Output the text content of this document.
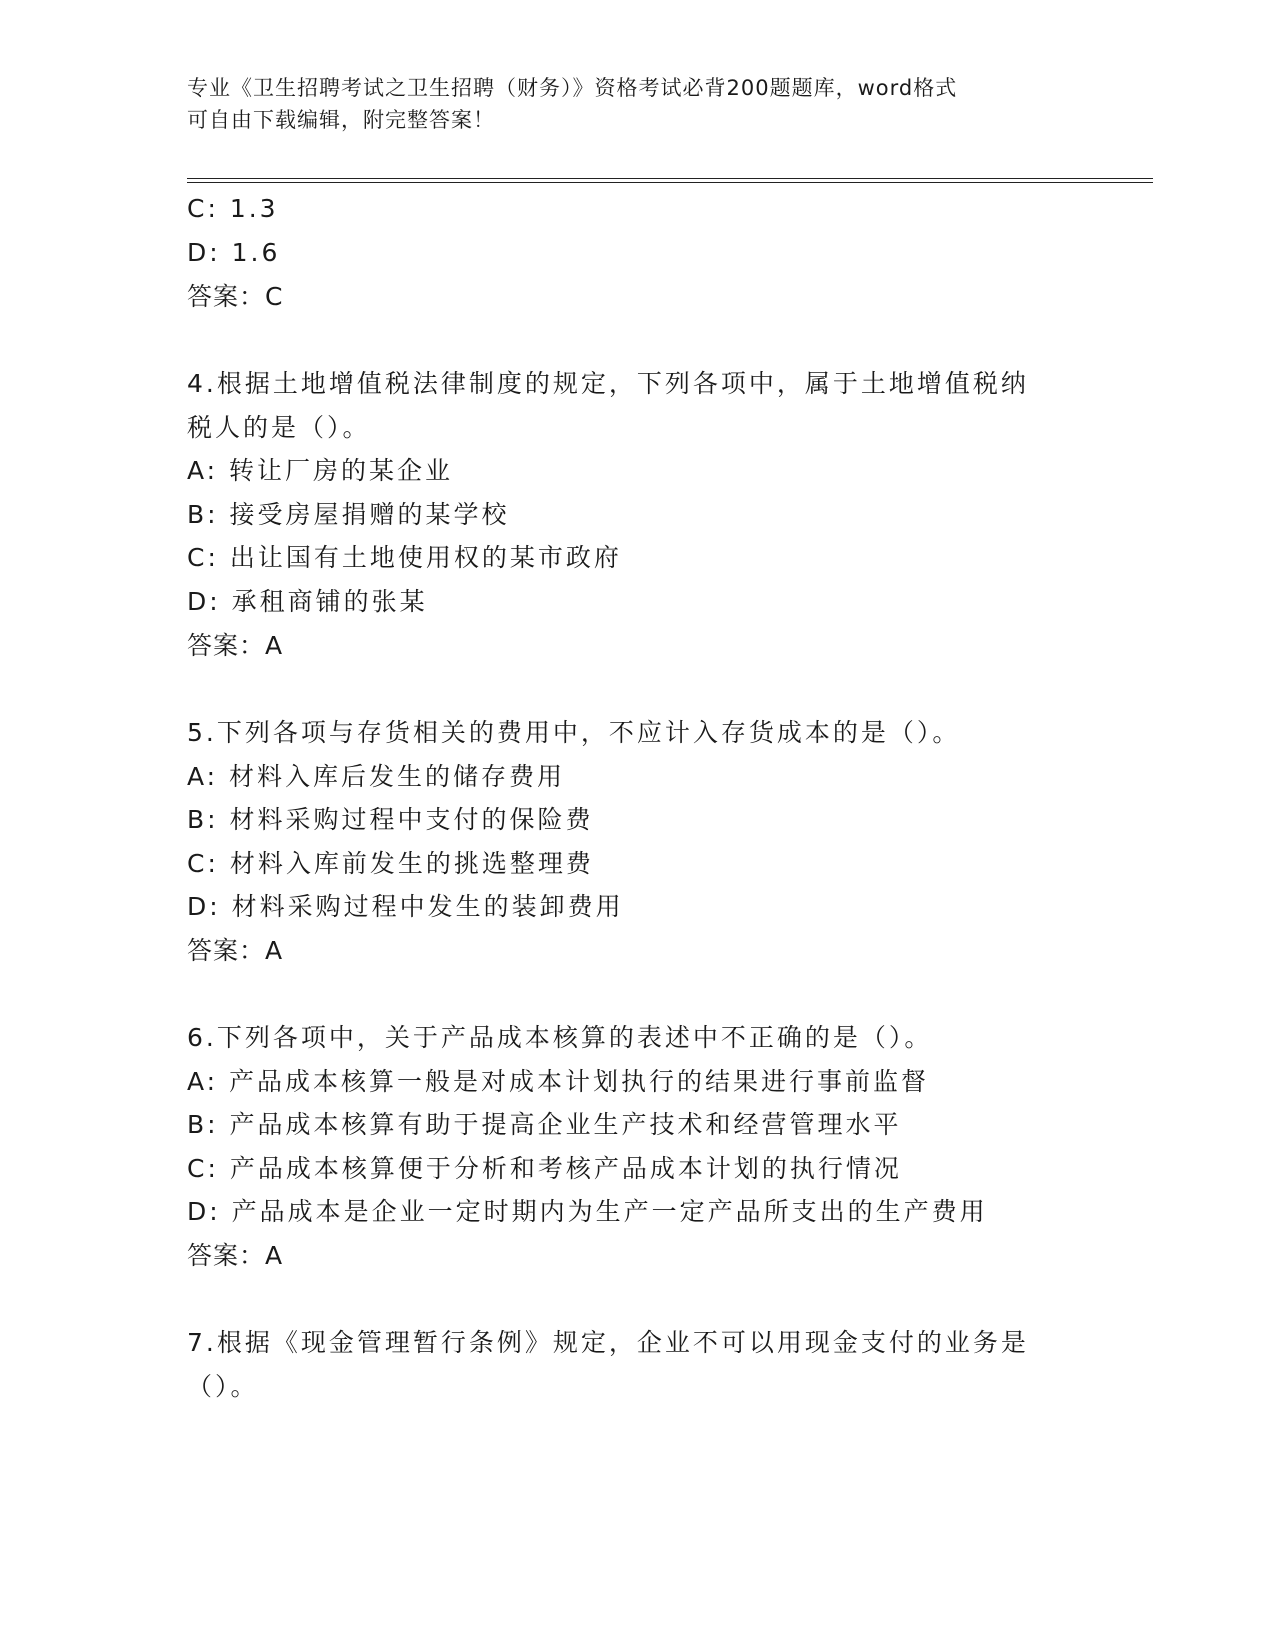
专业《卫生招聘考试之卫生招聘（财务）》资格考试必背200题题库，word格式
可自由下载编辑，附完整答案！

C: 1.3

D: 1.6

答案：C

4.根据土地增值税法律制度的规定，下列各项中，属于土地增值税纳

税人的是（）。

A: 转让厂房的某企业

B: 接受房屋捐赠的某学校

C: 出让国有土地使用权的某市政府

D: 承租商铺的张某

答案：A

5.下列各项与存货相关的费用中，不应计入存货成本的是（）。

A: 材料入库后发生的储存费用

B: 材料采购过程中支付的保险费

C: 材料入库前发生的挑选整理费

D: 材料采购过程中发生的装卸费用

答案：A

6.下列各项中，关于产品成本核算的表述中不正确的是（）。

A: 产品成本核算一般是对成本计划执行的结果进行事前监督

B: 产品成本核算有助于提高企业生产技术和经营管理水平

C: 产品成本核算便于分析和考核产品成本计划的执行情况

D: 产品成本是企业一定时期内为生产一定产品所支出的生产费用

答案：A

7.根据《现金管理暂行条例》规定，企业不可以用现金支付的业务是

（）。
